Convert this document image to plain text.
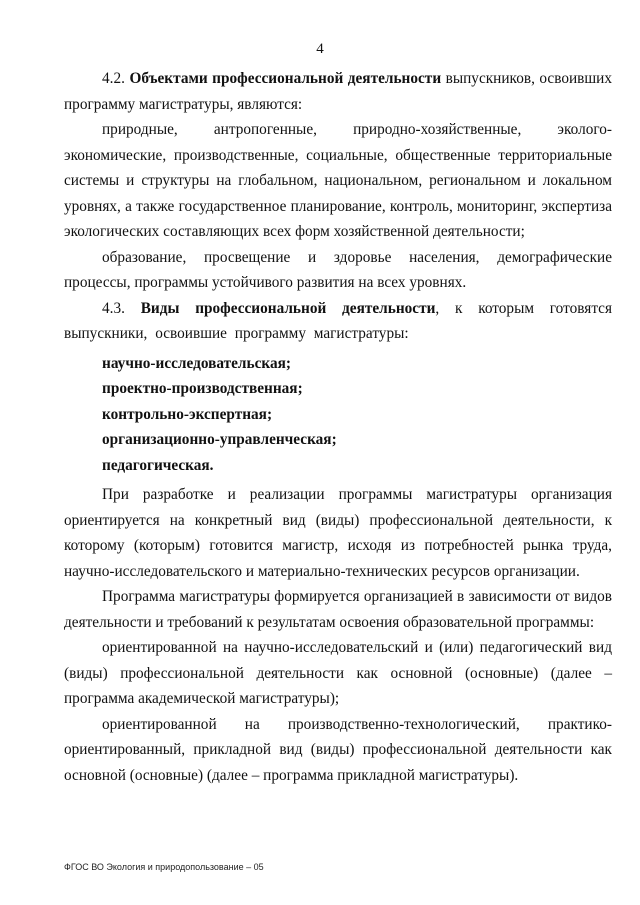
4

4.2. Объектами профессиональной деятельности выпускников, освоивших программу магистратуры, являются:

природные, антропогенные, природно-хозяйственные, эколого-экономические, производственные, социальные, общественные территориальные системы и структуры на глобальном, национальном, региональном и локальном уровнях, а также государственное планирование, контроль, мониторинг, экспертиза экологических составляющих всех форм хозяйственной деятельности;

образование, просвещение и здоровье населения, демографические процессы, программы устойчивого развития на всех уровнях.

4.3. Виды профессиональной деятельности, к которым готовятся выпускники, освоившие программу магистратуры:

научно-исследовательская;

проектно-производственная;

контрольно-экспертная;

организационно-управленческая;

педагогическая.

При разработке и реализации программы магистратуры организация ориентируется на конкретный вид (виды) профессиональной деятельности, к которому (которым) готовится магистр, исходя из потребностей рынка труда, научно-исследовательского и материально-технических ресурсов организации.

Программа магистратуры формируется организацией в зависимости от видов деятельности и требований к результатам освоения образовательной программы:

ориентированной на научно-исследовательский и (или) педагогический вид (виды) профессиональной деятельности как основной (основные) (далее – программа академической магистратуры);

ориентированной на производственно-технологический, практико-ориентированный, прикладной вид (виды) профессиональной деятельности как основной (основные) (далее – программа прикладной магистратуры).

ФГОС ВО Экология и природопользование – 05
